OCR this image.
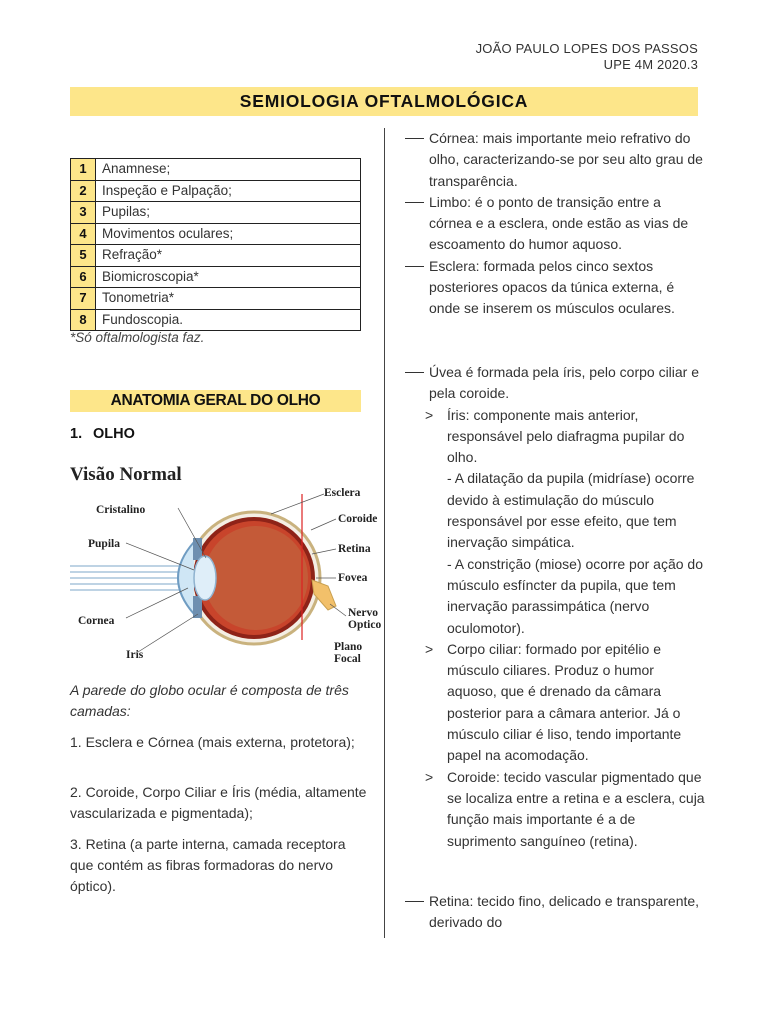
JOÃO PAULO LOPES DOS PASSOS
UPE 4M 2020.3
SEMIOLOGIA OFTALMOLÓGICA
1	Anamnese;
2	Inspeção e Palpação;
3	Pupilas;
4	Movimentos oculares;
5	Refração*
6	Biomicroscopia*
7	Tonometria*
8	Fundoscopia.
*Só oftalmologista faz.
ANATOMIA GERAL DO OLHO
1. OLHO
Visão Normal
Cristalino
Pupila
Cornea
Iris
Esclera
Coroide
Retina
Fovea
Nervo
Optico
Plano
Focal
A parede do globo ocular é composta de três camadas:
1. Esclera e Córnea (mais externa, protetora);
2. Coroide, Corpo Ciliar e Íris (média, altamente vascularizada e pigmentada);
3. Retina (a parte interna, camada receptora que contém as fibras formadoras do nervo óptico).
Córnea: mais importante meio refrativo do olho, caracterizando-se por seu alto grau de transparência.
Limbo: é o ponto de transição entre a córnea e a esclera, onde estão as vias de escoamento do humor aquoso.
Esclera: formada pelos cinco sextos posteriores opacos da túnica externa, é onde se inserem os músculos oculares.
Úvea é formada pela íris, pelo corpo ciliar e pela coroide.
> Íris: componente mais anterior, responsável pelo diafragma pupilar do olho.
- A dilatação da pupila (midríase) ocorre devido à estimulação do músculo responsável por esse efeito, que tem inervação simpática.
- A constrição (miose) ocorre por ação do músculo esfíncter da pupila, que tem inervação parassimpática (nervo oculomotor).
> Corpo ciliar: formado por epitélio e músculo ciliares. Produz o humor aquoso, que é drenado da câmara posterior para a câmara anterior. Já o músculo ciliar é liso, tendo importante papel na acomodação.
> Coroide: tecido vascular pigmentado que se localiza entre a retina e a esclera, cuja função mais importante é a de suprimento sanguíneo (retina).
Retina: tecido fino, delicado e transparente, derivado do
